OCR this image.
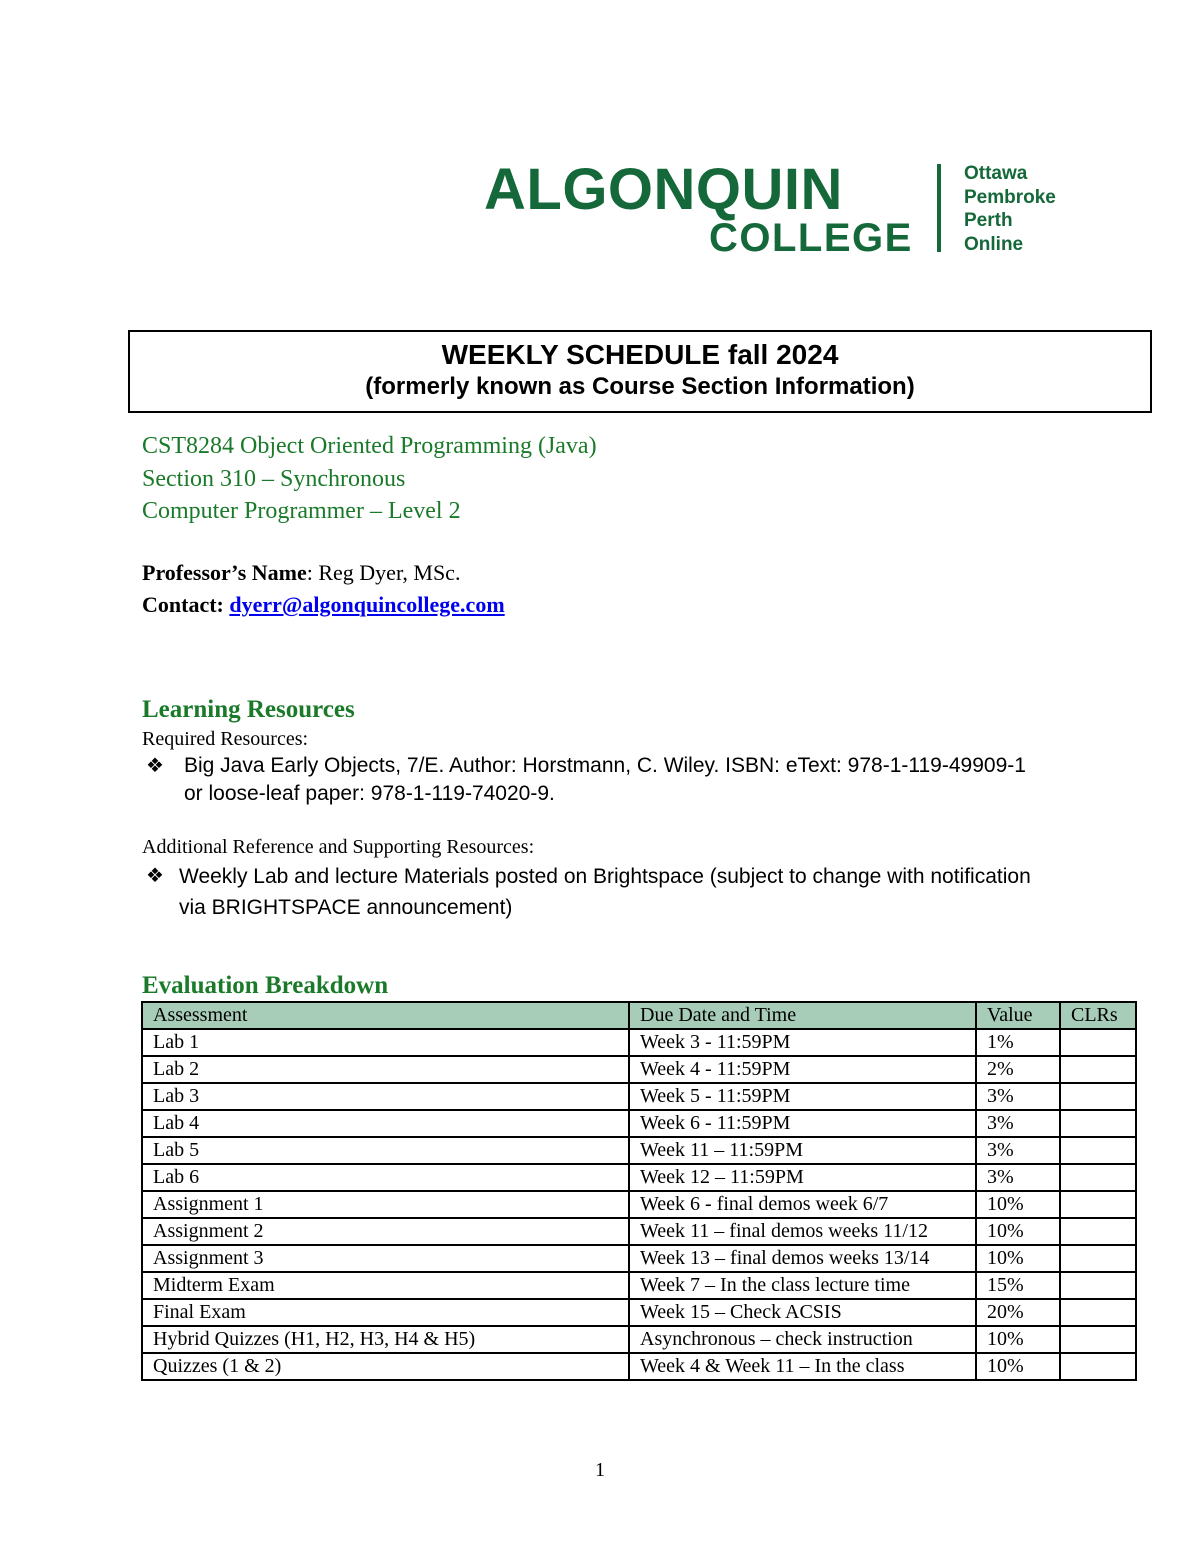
ALGONQUIN
COLLEGE
Ottawa
Pembroke
Perth
Online
WEEKLY SCHEDULE fall 2024
(formerly known as Course Section Information)
CST8284 Object Oriented Programming (Java)
Section 310 – Synchronous
Computer Programmer – Level 2
Professor’s Name: Reg Dyer, MSc.
Contact: dyerr@algonquincollege.com
Learning Resources
Required Resources:
❖ Big Java Early Objects, 7/E. Author: Horstmann, C. Wiley. ISBN: eText: 978-1-119-49909-1
or loose-leaf paper: 978-1-119-74020-9.
Additional Reference and Supporting Resources:
❖ Weekly Lab and lecture Materials posted on Brightspace (subject to change with notification
via BRIGHTSPACE announcement)
Evaluation Breakdown
Assessment	Due Date and Time	Value	CLRs
Lab 1	Week 3 - 11:59PM	1%	
Lab 2	Week 4 - 11:59PM	2%	
Lab 3	Week 5 - 11:59PM	3%	
Lab 4	Week 6 - 11:59PM	3%	
Lab 5	Week 11 – 11:59PM	3%	
Lab 6	Week 12 – 11:59PM	3%	
Assignment 1	Week 6 - final demos week 6/7	10%	
Assignment 2	Week 11 – final demos weeks 11/12	10%	
Assignment 3	Week 13 – final demos weeks 13/14	10%	
Midterm Exam	Week 7 – In the class lecture time	15%	
Final Exam	Week 15 – Check ACSIS	20%	
Hybrid Quizzes (H1, H2, H3, H4 & H5)	Asynchronous – check instruction	10%	
Quizzes (1 & 2)	Week 4 & Week 11 – In the class	10%	
1
